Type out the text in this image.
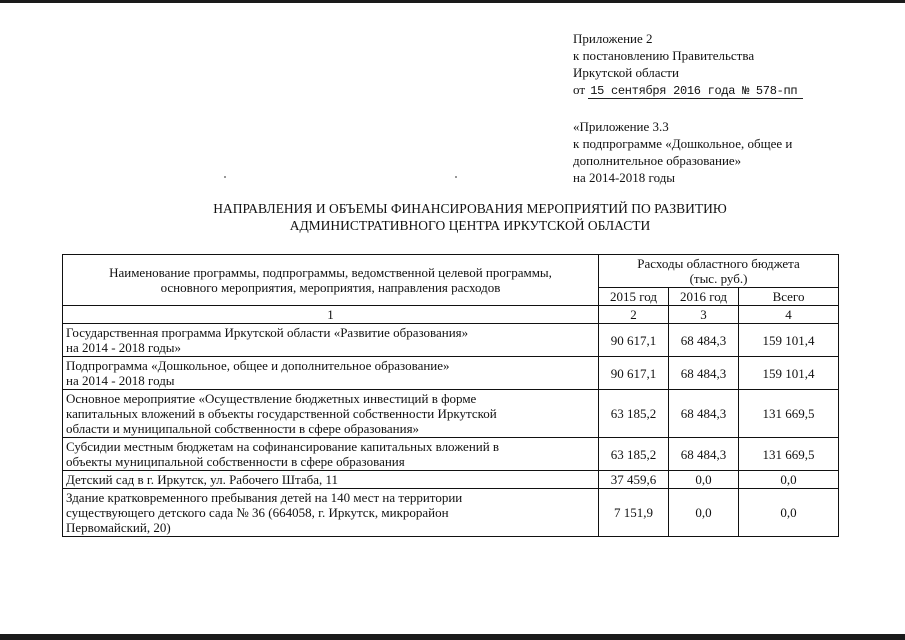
Приложение 2
к постановлению Правительства
Иркутской области
от 15 сентября 2016 года № 578-пп
«Приложение 3.3
к подпрограмме «Дошкольное, общее и
дополнительное образование»
на 2014-2018 годы
НАПРАВЛЕНИЯ И ОБЪЕМЫ ФИНАНСИРОВАНИЯ МЕРОПРИЯТИЙ ПО РАЗВИТИЮ
АДМИНИСТРАТИВНОГО ЦЕНТРА ИРКУТСКОЙ ОБЛАСТИ
Наименование программы, подпрограммы, ведомственной целевой программы,
основного мероприятия, мероприятия, направления расходов	Расходы областного бюджета
(тыс. руб.)		

	2015 год	2016 год	Всего
1	2	3	4

Государственная программа Иркутской области «Развитие образования»
на 2014 - 2018 годы»	90 617,1	68 484,3	159 101,4

Подпрограмма «Дошкольное, общее и дополнительное образование»
на 2014 - 2018 годы	90 617,1	68 484,3	159 101,4

Основное мероприятие «Осуществление бюджетных инвестиций в форме
капитальных вложений в объекты государственной собственности Иркутской
области и муниципальной собственности в сфере образования»	63 185,2	68 484,3	131 669,5

Субсидии местным бюджетам на софинансирование капитальных вложений в
объекты муниципальной собственности в сфере образования	63 185,2	68 484,3	131 669,5

Детский сад в г. Иркутск, ул. Рабочего Штаба, 11	37 459,6	0,0	0,0

Здание кратковременного пребывания детей на 140 мест на территории
существующего детского сада № 36 (664058, г. Иркутск, микрорайон
Первомайский, 20)	7 151,9	0,0	0,0
